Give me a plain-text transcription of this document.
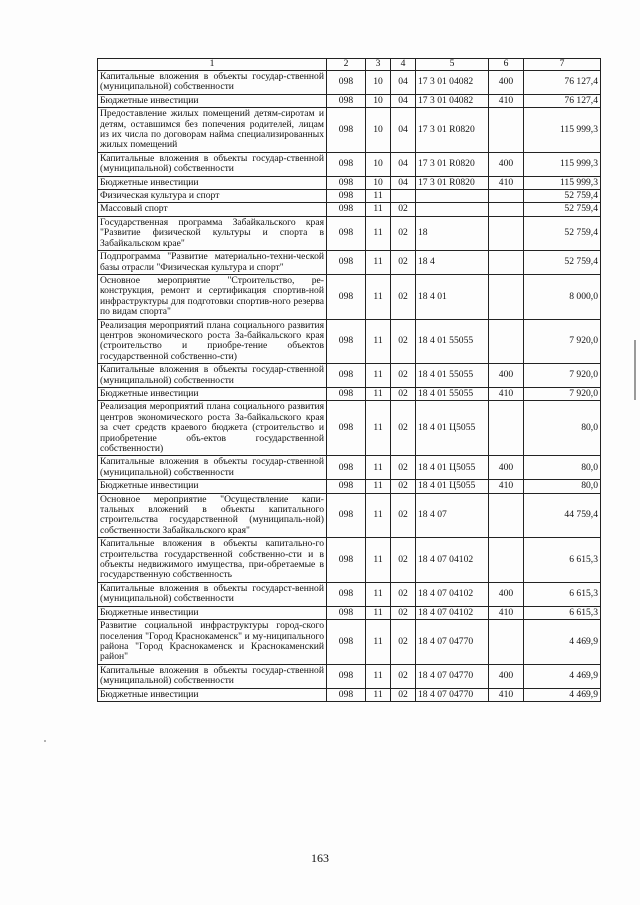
1	2	3	4	5	6	7
Капитальные вложения в объекты государ-ственной (муниципальной) собственности	098	10	04	17 3 01 04082	400	76 127,4
Бюджетные инвестиции	098	10	04	17 3 01 04082	410	76 127,4
Предоставление жилых помещений детям-сиротам и детям, оставшимся без попечения родителей, лицам из их числа по договорам найма специализированных жилых помещений	098	10	04	17 3 01 R0820		115 999,3
Капитальные вложения в объекты государ-ственной (муниципальной) собственности	098	10	04	17 3 01 R0820	400	115 999,3
Бюджетные инвестиции	098	10	04	17 3 01 R0820	410	115 999,3
Физическая культура и спорт	098	11				52 759,4
Массовый спорт	098	11	02			52 759,4
Государственная программа Забайкальского края "Развитие физической культуры и спорта в Забайкальском крае"	098	11	02	18		52 759,4
Подпрограмма "Развитие материально-техни-ческой базы отрасли "Физическая культура и спорт"	098	11	02	18 4		52 759,4
Основное мероприятие "Строительство, ре-конструкция, ремонт и сертификация спортив-ной инфраструктуры для подготовки спортив-ного резерва по видам спорта"	098	11	02	18 4 01		8 000,0
Реализация мероприятий плана социального развития центров экономического роста За-байкальского края (строительство и приобре-тение объектов государственной собственно-сти)	098	11	02	18 4 01 55055		7 920,0
Капитальные вложения в объекты государ-ственной (муниципальной) собственности	098	11	02	18 4 01 55055	400	7 920,0
Бюджетные инвестиции	098	11	02	18 4 01 55055	410	7 920,0
Реализация мероприятий плана социального развития центров экономического роста За-байкальского края за счет средств краевого бюджета (строительство и приобретение объ-ектов государственной собственности)	098	11	02	18 4 01 Ц5055		80,0
Капитальные вложения в объекты государ-ственной (муниципальной) собственности	098	11	02	18 4 01 Ц5055	400	80,0
Бюджетные инвестиции	098	11	02	18 4 01 Ц5055	410	80,0
Основное мероприятие "Осуществление капи-тальных вложений в объекты капитального строительства государственной (муниципаль-ной) собственности Забайкальского края"	098	11	02	18 4 07		44 759,4
Капитальные вложения в объекты капитально-го строительства государственной собственно-сти и в объекты недвижимого имущества, при-обретаемые в государственную собственность	098	11	02	18 4 07 04102		6 615,3
Капитальные вложения в объекты государст-венной (муниципальной) собственности	098	11	02	18 4 07 04102	400	6 615,3
Бюджетные инвестиции	098	11	02	18 4 07 04102	410	6 615,3
Развитие социальной инфраструктуры город-ского поселения "Город Краснокаменск" и му-ниципального района "Город Краснокаменск и Краснокаменский район"	098	11	02	18 4 07 04770		4 469,9
Капитальные вложения в объекты государ-ственной (муниципальной) собственности	098	11	02	18 4 07 04770	400	4 469,9
Бюджетные инвестиции	098	11	02	18 4 07 04770	410	4 469,9
163
